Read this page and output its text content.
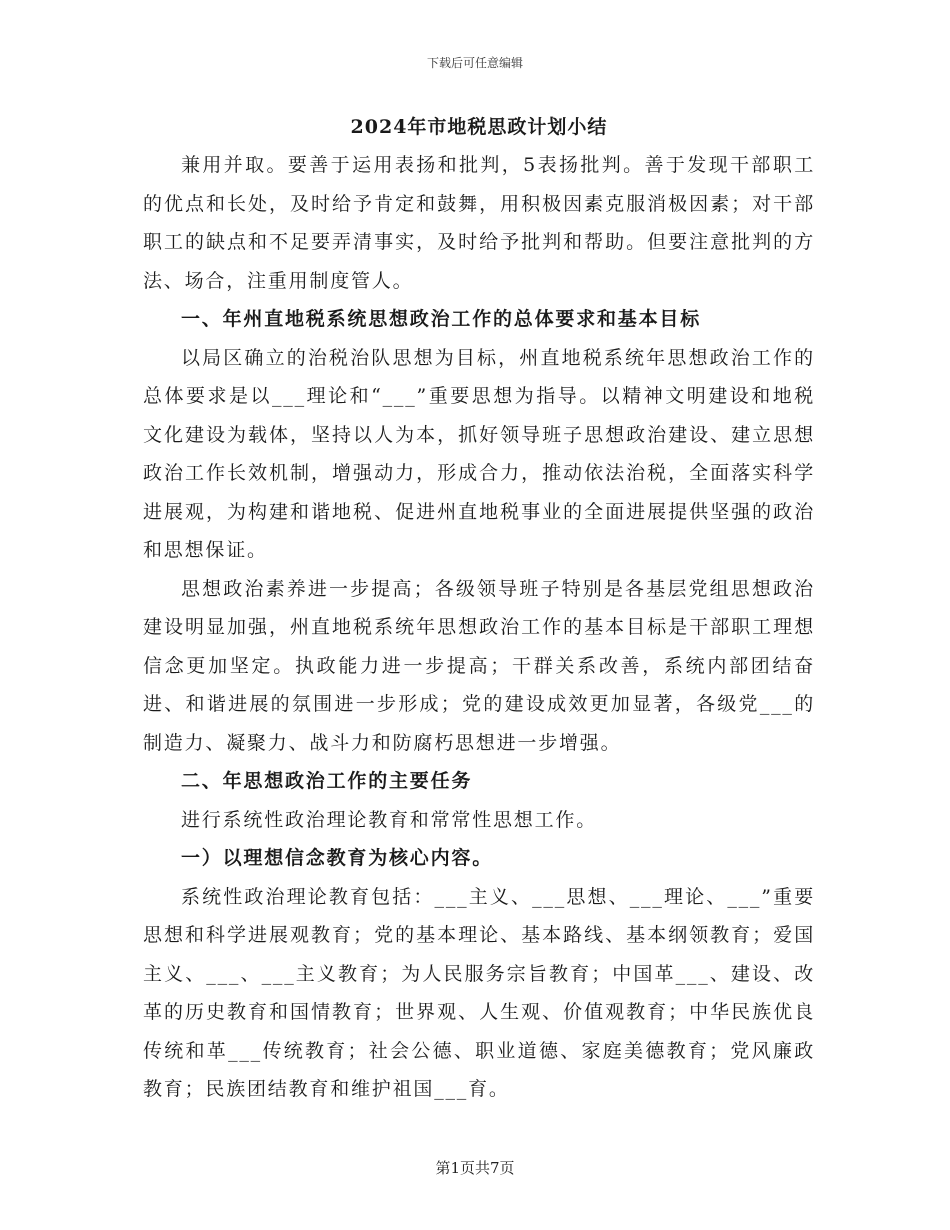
下载后可任意编辑
2024年市地税思政计划小结

兼用并取。要善于运用表扬和批判，5表扬批判。善于发现干部职工的优点和长处，及时给予肯定和鼓舞，用积极因素克服消极因素；对干部职工的缺点和不足要弄清事实，及时给予批判和帮助。但要注意批判的方法、场合，注重用制度管人。

一、年州直地税系统思想政治工作的总体要求和基本目标

以局区确立的治税治队思想为目标，州直地税系统年思想政治工作的总体要求是以___理论和“___”重要思想为指导。以精神文明建设和地税文化建设为载体，坚持以人为本，抓好领导班子思想政治建设、建立思想政治工作长效机制，增强动力，形成合力，推动依法治税，全面落实科学进展观，为构建和谐地税、促进州直地税事业的全面进展提供坚强的政治和思想保证。

思想政治素养进一步提高；各级领导班子特别是各基层党组思想政治建设明显加强，州直地税系统年思想政治工作的基本目标是干部职工理想信念更加坚定。执政能力进一步提高；干群关系改善，系统内部团结奋进、和谐进展的氛围进一步形成；党的建设成效更加显著，各级党___的制造力、凝聚力、战斗力和防腐朽思想进一步增强。

二、年思想政治工作的主要任务

进行系统性政治理论教育和常常性思想工作。

一）以理想信念教育为核心内容。

系统性政治理论教育包括：___主义、___思想、___理论、___”重要思想和科学进展观教育；党的基本理论、基本路线、基本纲领教育；爱国主义、___、___主义教育；为人民服务宗旨教育；中国革___、建设、改革的历史教育和国情教育；世界观、人生观、价值观教育；中华民族优良传统和革___传统教育；社会公德、职业道德、家庭美德教育；党风廉政教育；民族团结教育和维护祖国___育。

第1页共7页
